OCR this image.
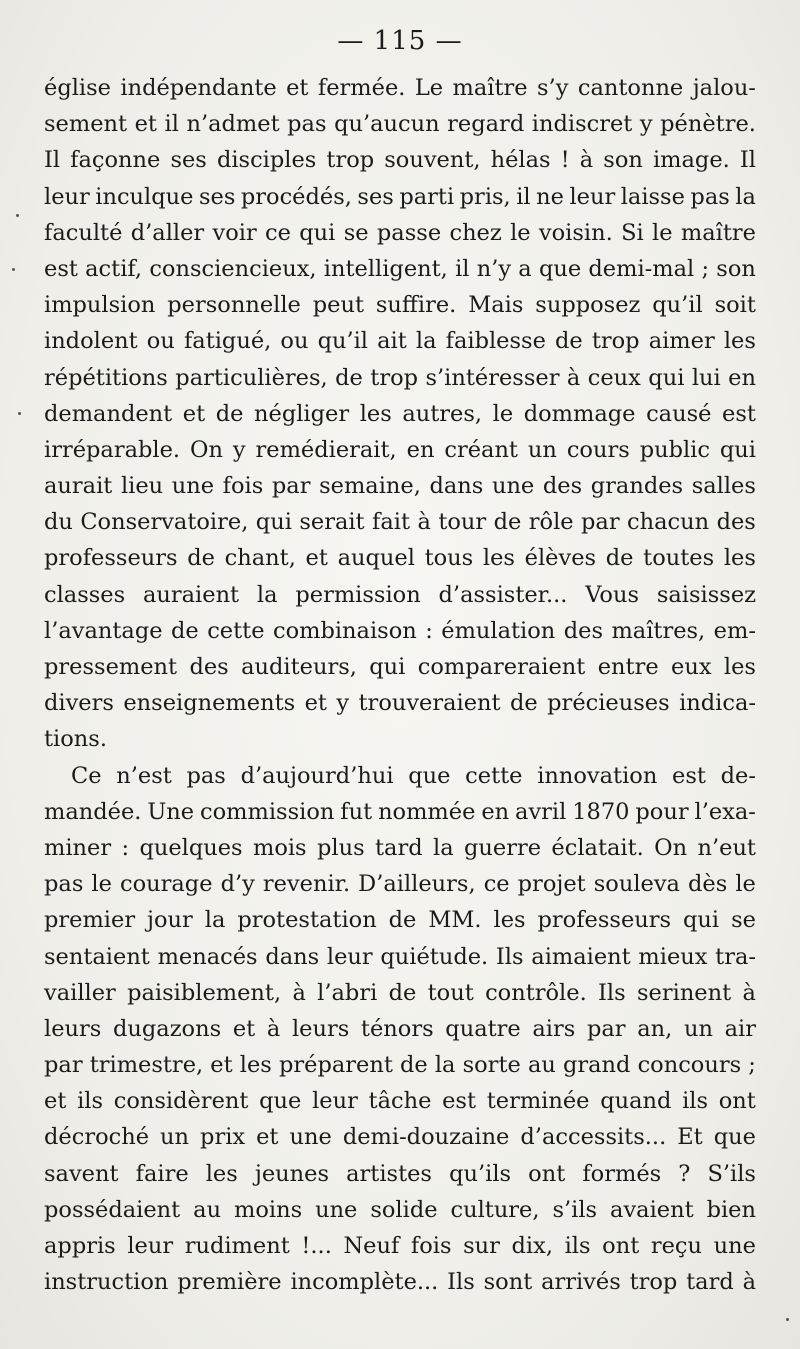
— 115 —
église indépendante et fermée. Le maître s’y cantonne jalou-
sement et il n’admet pas qu’aucun regard indiscret y pénètre.
Il façonne ses disciples trop souvent, hélas ! à son image. Il
leur inculque ses procédés, ses parti pris, il ne leur laisse pas la
faculté d’aller voir ce qui se passe chez le voisin. Si le maître
est actif, consciencieux, intelligent, il n’y a que demi-mal ; son
impulsion personnelle peut suffire. Mais supposez qu’il soit
indolent ou fatigué, ou qu’il ait la faiblesse de trop aimer les
répétitions particulières, de trop s’intéresser à ceux qui lui en
demandent et de négliger les autres, le dommage causé est
irréparable. On y remédierait, en créant un cours public qui
aurait lieu une fois par semaine, dans une des grandes salles
du Conservatoire, qui serait fait à tour de rôle par chacun des
professeurs de chant, et auquel tous les élèves de toutes les
classes auraient la permission d’assister... Vous saisissez
l’avantage de cette combinaison : émulation des maîtres, em-
pressement des auditeurs, qui compareraient entre eux les
divers enseignements et y trouveraient de précieuses indica-
tions.
Ce n’est pas d’aujourd’hui que cette innovation est de-
mandée. Une commission fut nommée en avril 1870 pour l’exa-
miner : quelques mois plus tard la guerre éclatait. On n’eut
pas le courage d’y revenir. D’ailleurs, ce projet souleva dès le
premier jour la protestation de MM. les professeurs qui se
sentaient menacés dans leur quiétude. Ils aimaient mieux tra-
vailler paisiblement, à l’abri de tout contrôle. Ils serinent à
leurs dugazons et à leurs ténors quatre airs par an, un air
par trimestre, et les préparent de la sorte au grand concours ;
et ils considèrent que leur tâche est terminée quand ils ont
décroché un prix et une demi-douzaine d’accessits... Et que
savent faire les jeunes artistes qu’ils ont formés ? S’ils
possédaient au moins une solide culture, s’ils avaient bien
appris leur rudiment !... Neuf fois sur dix, ils ont reçu une
instruction première incomplète... Ils sont arrivés trop tard à
